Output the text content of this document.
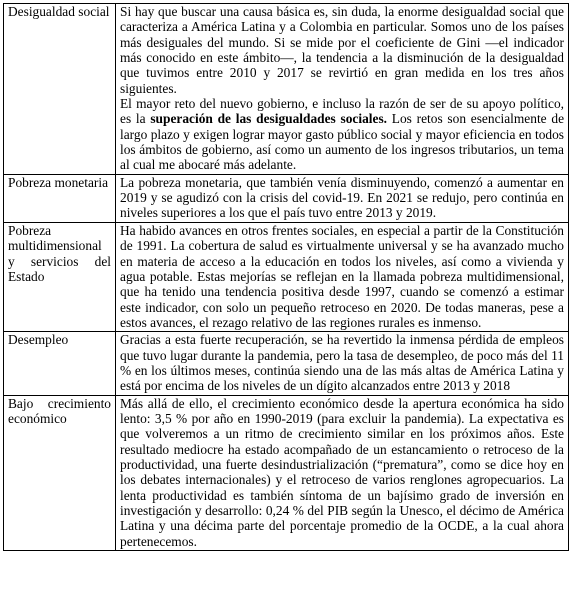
Desigualdad social	Si hay que buscar una causa básica es, sin duda, la enorme desigualdad social que caracteriza a América Latina y a Colombia en particular. Somos uno de los países más desiguales del mundo. Si se mide por el coeficiente de Gini —el indicador más conocido en este ámbito—, la tendencia a la disminución de la desigualdad que tuvimos entre 2010 y 2017 se revirtió en gran medida en los tres años siguientes.

El mayor reto del nuevo gobierno, e incluso la razón de ser de su apoyo político, es la superación de las desigualdades sociales. Los retos son esencialmente de largo plazo y exigen lograr mayor gasto público social y mayor eficiencia en todos los ámbitos de gobierno, así como un aumento de los ingresos tributarios, un tema al cual me abocaré más adelante.

Pobreza monetaria	La pobreza monetaria, que también venía disminuyendo, comenzó a aumentar en 2019 y se agudizó con la crisis del covid-19. En 2021 se redujo, pero continúa en niveles superiores a los que el país tuvo entre 2013 y 2019.
Pobreza multidimensional y servicios del Estado	Ha habido avances en otros frentes sociales, en especial a partir de la Constitución de 1991. La cobertura de salud es virtualmente universal y se ha avanzado mucho en materia de acceso a la educación en todos los niveles, así como a vivienda y agua potable. Estas mejorías se reflejan en la llamada pobreza multidimensional, que ha tenido una tendencia positiva desde 1997, cuando se comenzó a estimar este indicador, con solo un pequeño retroceso en 2020. De todas maneras, pese a estos avances, el rezago relativo de las regiones rurales es inmenso.
Desempleo	Gracias a esta fuerte recuperación, se ha revertido la inmensa pérdida de empleos que tuvo lugar durante la pandemia, pero la tasa de desempleo, de poco más del 11 % en los últimos meses, continúa siendo una de las más altas de América Latina y está por encima de los niveles de un dígito alcanzados entre 2013 y 2018
Bajo crecimiento económico	Más allá de ello, el crecimiento económico desde la apertura económica ha sido lento: 3,5 % por año en 1990-2019 (para excluir la pandemia). La expectativa es que volveremos a un ritmo de crecimiento similar en los próximos años. Este resultado mediocre ha estado acompañado de un estancamiento o retroceso de la productividad, una fuerte desindustrialización (“prematura”, como se dice hoy en los debates internacionales) y el retroceso de varios renglones agropecuarios. La lenta productividad es también síntoma de un bajísimo grado de inversión en investigación y desarrollo: 0,24 % del PIB según la Unesco, el décimo de América Latina y una décima parte del porcentaje promedio de la OCDE, a la cual ahora pertenecemos.
